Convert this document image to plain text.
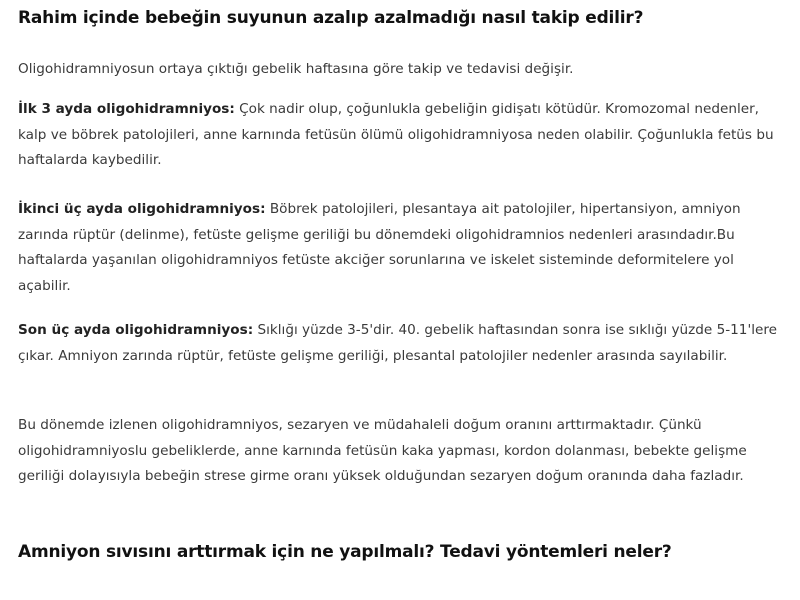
Rahim içinde bebeğin suyunun azalıp azalmadığı nasıl takip edilir?

Oligohidramniyosun ortaya çıktığı gebelik haftasına göre takip ve tedavisi değişir.

İlk 3 ayda oligohidramniyos: Çok nadir olup, çoğunlukla gebeliğin gidişatı kötüdür. Kromozomal nedenler, kalp ve böbrek patolojileri, anne karnında fetüsün ölümü oligohidramniyosa neden olabilir. Çoğunlukla fetüs bu haftalarda kaybedilir.

İkinci üç ayda oligohidramniyos: Böbrek patolojileri, plesantaya ait patolojiler, hipertansiyon, amniyon zarında rüptür (delinme), fetüste gelişme geriliği bu dönemdeki oligohidramnios nedenleri arasındadır.Bu haftalarda yaşanılan oligohidramniyos fetüste akciğer sorunlarına ve iskelet sisteminde deformitelere yol açabilir.

Son üç ayda oligohidramniyos: Sıklığı yüzde 3-5'dir. 40. gebelik haftasından sonra ise sıklığı yüzde 5-11'lere çıkar. Amniyon zarında rüptür, fetüste gelişme geriliği, plesantal patolojiler nedenler arasında sayılabilir.

Bu dönemde izlenen oligohidramniyos, sezaryen ve müdahaleli doğum oranını arttırmaktadır. Çünkü oligohidramniyoslu gebeliklerde, anne karnında fetüsün kaka yapması, kordon dolanması, bebekte gelişme geriliği dolayısıyla bebeğin strese girme oranı yüksek olduğundan sezaryen doğum oranında daha fazladır.

Amniyon sıvısını arttırmak için ne yapılmalı? Tedavi yöntemleri neler?
